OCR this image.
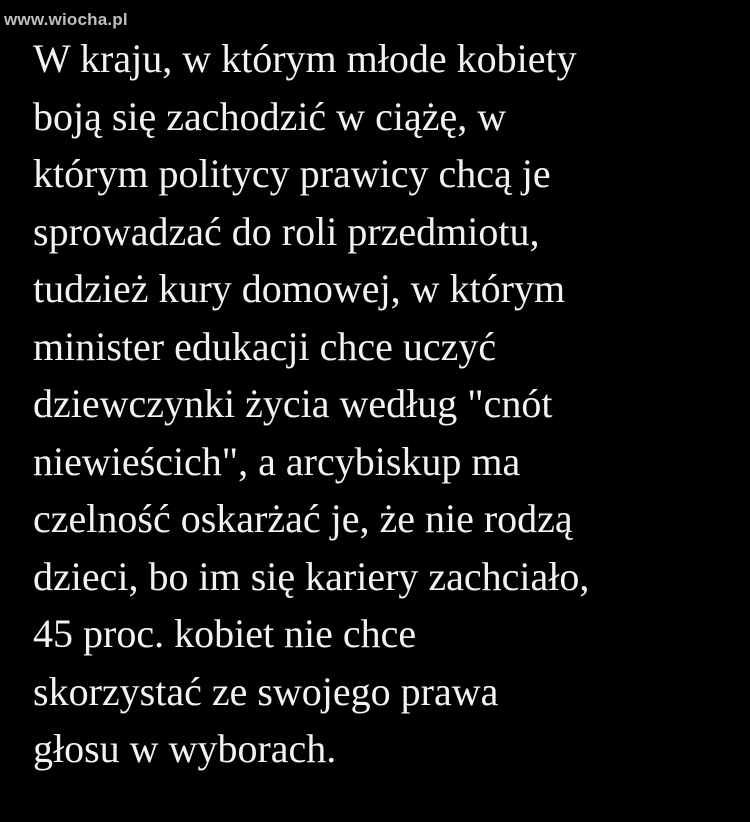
www.wiocha.pl
W kraju, w którym młode kobiety
boją się zachodzić w ciążę, w
którym politycy prawicy chcą je
sprowadzać do roli przedmiotu,
tudzież kury domowej, w którym
minister edukacji chce uczyć
dziewczynki życia według "cnót
niewieścich", a arcybiskup ma
czelność oskarżać je, że nie rodzą
dzieci, bo im się kariery zachciało,
45 proc. kobiet nie chce
skorzystać ze swojego prawa
głosu w wyborach.
